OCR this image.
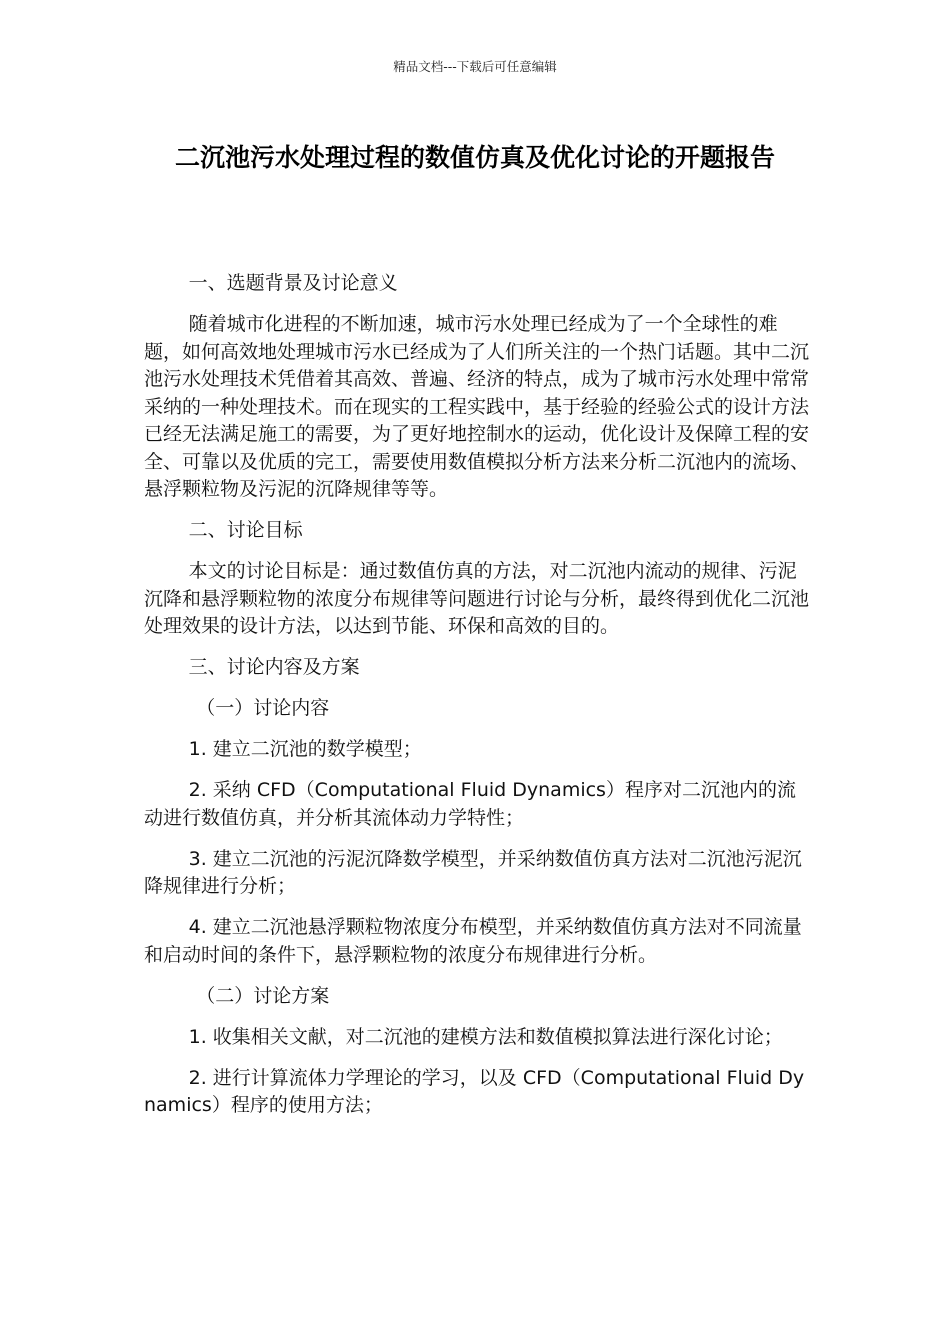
精品文档---下载后可任意编辑
二沉池污水处理过程的数值仿真及优化讨论的开题报告

一、选题背景及讨论意义

随着城市化进程的不断加速，城市污水处理已经成为了一个全球性的难题，如何高效地处理城市污水已经成为了人们所关注的一个热门话题。其中二沉池污水处理技术凭借着其高效、普遍、经济的特点，成为了城市污水处理中常常采纳的一种处理技术。而在现实的工程实践中，基于经验的经验公式的设计方法已经无法满足施工的需要，为了更好地控制水的运动，优化设计及保障工程的安全、可靠以及优质的完工，需要使用数值模拟分析方法来分析二沉池内的流场、悬浮颗粒物及污泥的沉降规律等等。

二、讨论目标

本文的讨论目标是：通过数值仿真的方法，对二沉池内流动的规律、污泥沉降和悬浮颗粒物的浓度分布规律等问题进行讨论与分析，最终得到优化二沉池处理效果的设计方法，以达到节能、环保和高效的目的。

三、讨论内容及方案

（一）讨论内容

1. 建立二沉池的数学模型；

2. 采纳 CFD（Computational Fluid Dynamics）程序对二沉池内的流动进行数值仿真，并分析其流体动力学特性；

3. 建立二沉池的污泥沉降数学模型，并采纳数值仿真方法对二沉池污泥沉降规律进行分析；

4. 建立二沉池悬浮颗粒物浓度分布模型，并采纳数值仿真方法对不同流量和启动时间的条件下，悬浮颗粒物的浓度分布规律进行分析。

（二）讨论方案

1. 收集相关文献，对二沉池的建模方法和数值模拟算法进行深化讨论；

2. 进行计算流体力学理论的学习，以及 CFD（Computational Fluid Dynamics）程序的使用方法；
